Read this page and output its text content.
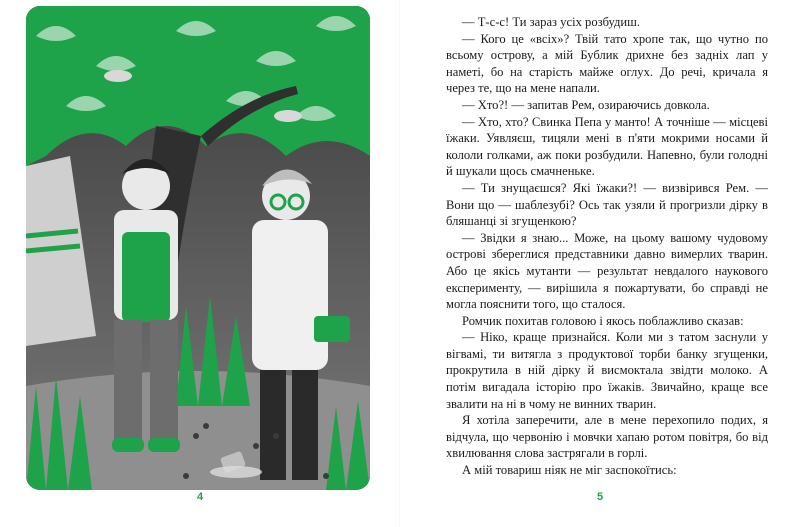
4

— Т-с-с! Ти зараз усіх розбудиш.

— Кого це «всіх»? Твій тато хропе так, що чутно по всьому острову, а мій Бублик дрихне без задніх лап у наметі, бо на старість майже оглух. До речі, кричала я через те, що на мене напали.

— Хто?! — запитав Рем, озираючись довкола.

— Хто, хто? Свинка Пепа у манто! А точніше — місцеві їжаки. Уявляєш, тицяли мені в п'яти мокрими носами й кололи голками, аж поки розбудили. Напевно, були голодні й шукали щось смачненьке.

— Ти знущаєшся? Які їжаки?! — визвірився Рем. — Вони що — шаблезубі? Ось так узяли й прогризли дірку в бляшанці зі згущенкою?

— Звідки я знаю... Може, на цьому вашому чудовому острові збереглися представники давно вимерлих тварин. Або це якісь мутанти — результат невдалого наукового експерименту, — вирішила я пожартувати, бо справді не могла пояснити того, що сталося.

Ромчик похитав головою і якось поблажливо сказав:

— Ніко, краще признайся. Коли ми з татом заснули у вігвамі, ти витягла з продуктової торби банку згущенки, прокрутила в ній дірку й висмоктала звідти молоко. А потім вигадала історію про їжаків. Звичайно, краще все звалити на ні в чому не винних тварин.

Я хотіла заперечити, але в мене перехопило подих, я відчула, що червонію і мовчки хапаю ротом повітря, бо від хвилювання слова застрягали в горлі.

А мій товариш ніяк не міг заспокоїтись:

5
